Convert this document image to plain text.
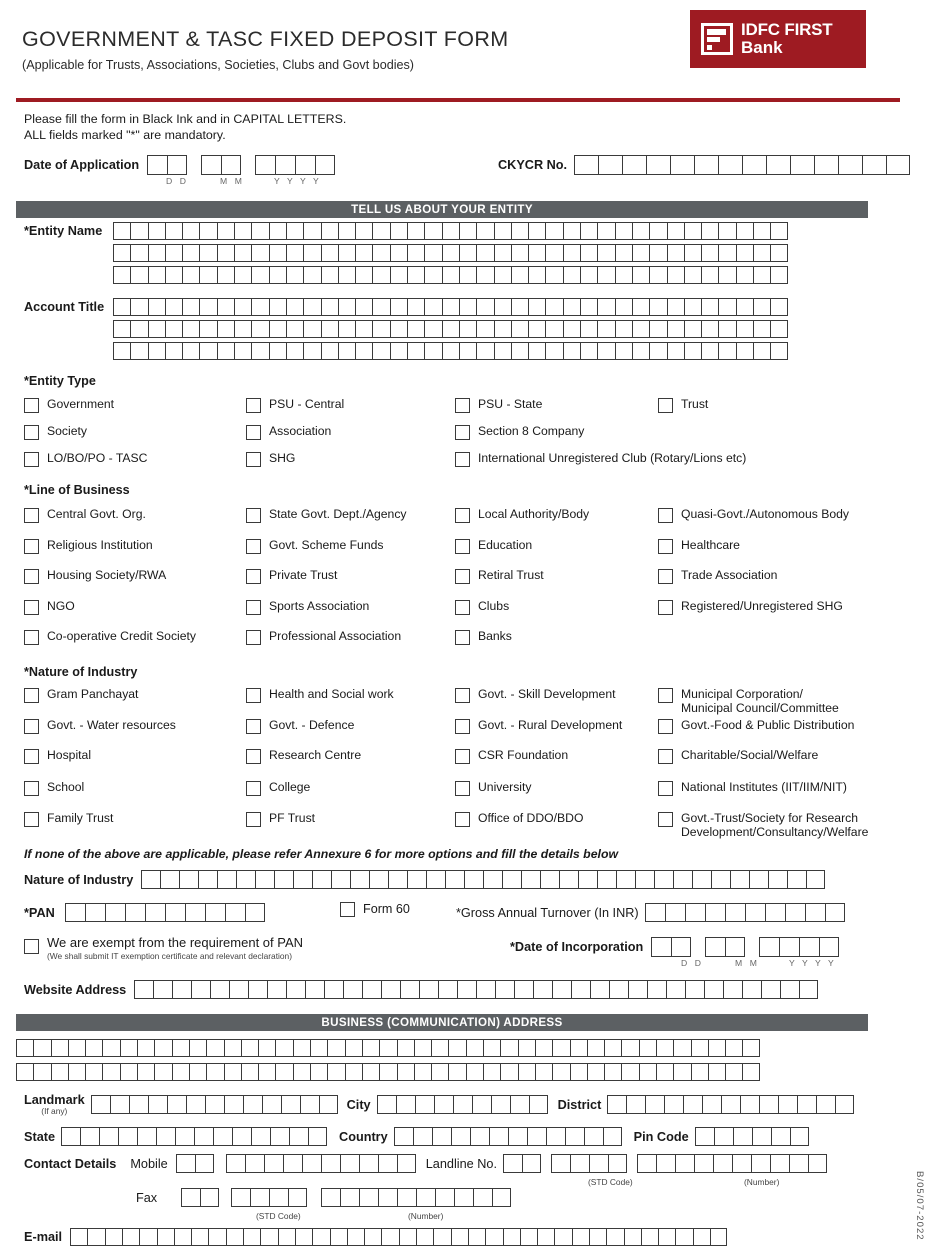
GOVERNMENT & TASC FIXED DEPOSIT FORM
(Applicable for Trusts, Associations, Societies, Clubs and Govt bodies)
IDFC FIRST
Bank
Please fill the form in Black Ink and in CAPITAL LETTERS.
ALL fields marked "*" are mandatory.
Date of Application
D D	M M	Y Y Y Y
CKYCR No.
TELL US ABOUT YOUR ENTITY
*Entity Name
Account Title
*Entity Type
Government	PSU - Central	PSU - State	Trust
Society	Association	Section 8 Company
LO/BO/PO - TASC	SHG	International Unregistered Club (Rotary/Lions etc)
*Line of Business
Central Govt. Org.	State Govt. Dept./Agency	Local Authority/Body	Quasi-Govt./Autonomous Body
Religious Institution	Govt. Scheme Funds	Education	Healthcare
Housing Society/RWA	Private Trust	Retiral Trust	Trade Association
NGO	Sports Association	Clubs	Registered/Unregistered SHG
Co-operative Credit Society	Professional Association	Banks
*Nature of Industry
Gram Panchayat	Health and Social work	Govt. - Skill Development	Municipal Corporation/
Municipal Council/Committee
Govt. - Water resources	Govt. - Defence	Govt. - Rural Development	Govt.-Food & Public Distribution
Hospital	Research Centre	CSR Foundation	Charitable/Social/Welfare
School	College	University	National Institutes (IIT/IIM/NIT)
Family Trust	PF Trust	Office of DDO/BDO	Govt.-Trust/Society for Research
Development/Consultancy/Welfare
If none of the above are applicable, please refer Annexure 6 for more options and fill the details below
Nature of Industry
*PAN	Form 60	*Gross Annual Turnover (In INR)
We are exempt from the requirement of PAN
(We shall submit IT exemption certificate and relevant declaration)
*Date of Incorporation
D D	M M	Y Y Y Y
Website Address
BUSINESS (COMMUNICATION) ADDRESS
Landmark
(If any)	City	District
State	Country	Pin Code
Contact Details Mobile	Landline No.
(STD Code)	(Number)
Fax
(STD Code)	(Number)
E-mail	B/05/07-2022
